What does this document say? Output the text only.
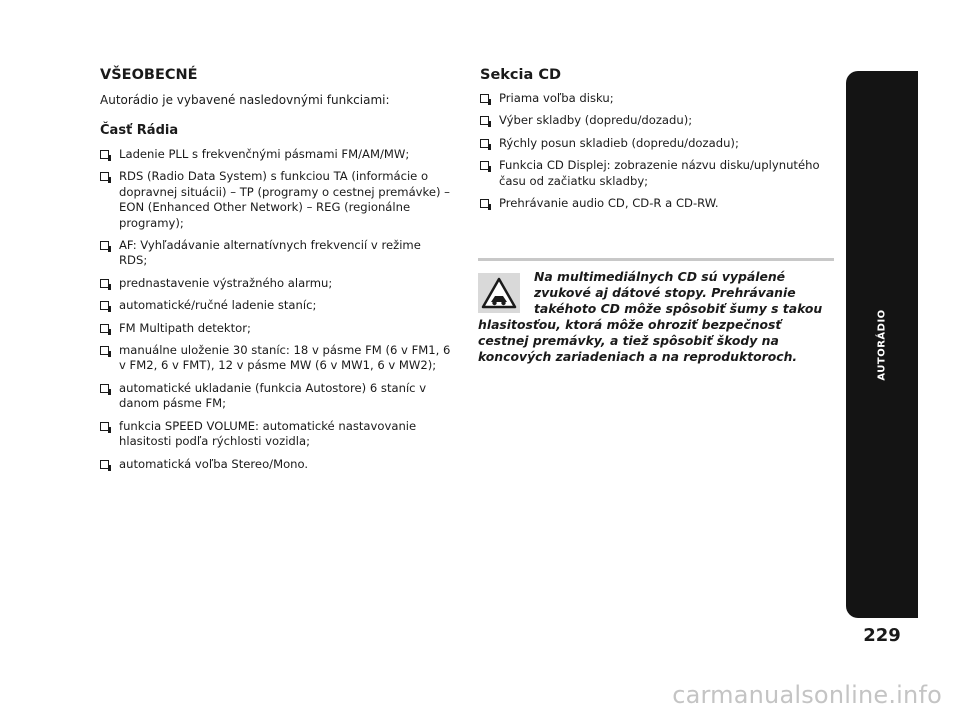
VŠEOBECNÉ

Autorádio je vybavené nasledovnými funkciami:

Časť Rádia
Ladenie PLL s frekvenčnými pásmami FM/AM/MW;
RDS (Radio Data System) s funkciou TA (informácie o dopravnej situácii) – TP (programy o cestnej premávke) – EON (Enhanced Other Network) – REG (regionálne programy);
AF: Vyhľadávanie alternatívnych frekvencií v režime RDS;
prednastavenie výstražného alarmu;
automatické/ručné ladenie staníc;
FM Multipath detektor;
manuálne uloženie 30 staníc: 18 v pásme FM (6 v FM1, 6 v FM2, 6 v FMT), 12 v pásme MW (6 v MW1, 6 v MW2);
automatické ukladanie (funkcia Autostore) 6 staníc v danom pásme FM;
funkcia SPEED VOLUME: automatické nastavovanie hlasitosti podľa rýchlosti vozidla;
automatická voľba Stereo/Mono.
Sekcia CD
Priama voľba disku;
Výber skladby (dopredu/dozadu);
Rýchly posun skladieb (dopredu/dozadu);
Funkcia CD Displej: zobrazenie názvu disku/uplynutého času od začiatku skladby;
Prehrávanie audio CD, CD-R a CD-RW.

Na multimediálnych CD sú vypálené zvukové aj dátové stopy. Prehrávanie takéhoto CD môže spôsobiť šumy s takou hlasitosťou, ktorá môže ohroziť bezpečnosť cestnej premávky, a tiež spôsobiť škody na koncových zariadeniach a na reproduktoroch.	AUTORÁDIO
229
carmanualsonline.info
